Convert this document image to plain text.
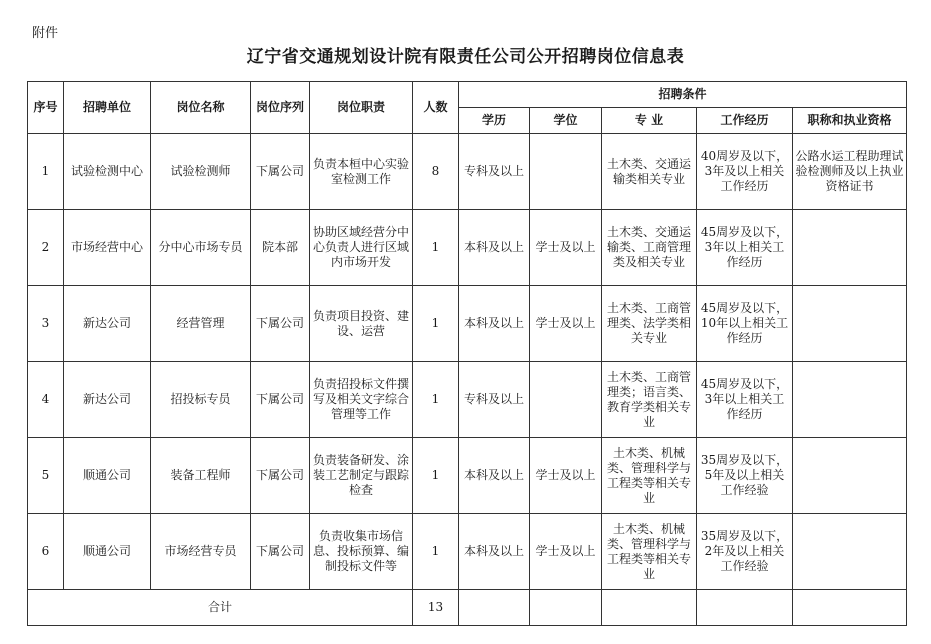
附件
辽宁省交通规划设计院有限责任公司公开招聘岗位信息表
序号	招聘单位	岗位名称	岗位序列	岗位职责	人数	招聘条件				
						学历	学位	专 业	工作经历	职称和执业资格
1	试验检测中心	试验检测师	下属公司	负责本桓中心实验室检测工作	8	专科及以上		土木类、交通运输类相关专业	40周岁及以下，3年及以上相关工作经历	公路水运工程助理试验检测师及以上执业资格证书
2	市场经营中心	分中心市场专员	院本部	协助区域经营分中心负责人进行区域内市场开发	1	本科及以上	学士及以上	土木类、交通运输类、工商管理类及相关专业	45周岁及以下，3年以上相关工作经历	
3	新达公司	经营管理	下属公司	负责项目投资、建设、运营	1	本科及以上	学士及以上	土木类、工商管理类、法学类相关专业	45周岁及以下，10年以上相关工作经历	
4	新达公司	招投标专员	下属公司	负责招投标文件撰写及相关文字综合管理等工作	1	专科及以上		土木类、工商管理类；语言类、教育学类相关专业	45周岁及以下，3年以上相关工作经历	
5	顺通公司	装备工程师	下属公司	负责装备研发、涂装工艺制定与跟踪检查	1	本科及以上	学士及以上	土木类、机械类、管理科学与工程类等相关专业	35周岁及以下，5年及以上相关工作经验	
6	顺通公司	市场经营专员	下属公司	负责收集市场信息、投标预算、编制投标文件等	1	本科及以上	学士及以上	土木类、机械类、管理科学与工程类等相关专业	35周岁及以下，2年及以上相关工作经验	
合计					13					
